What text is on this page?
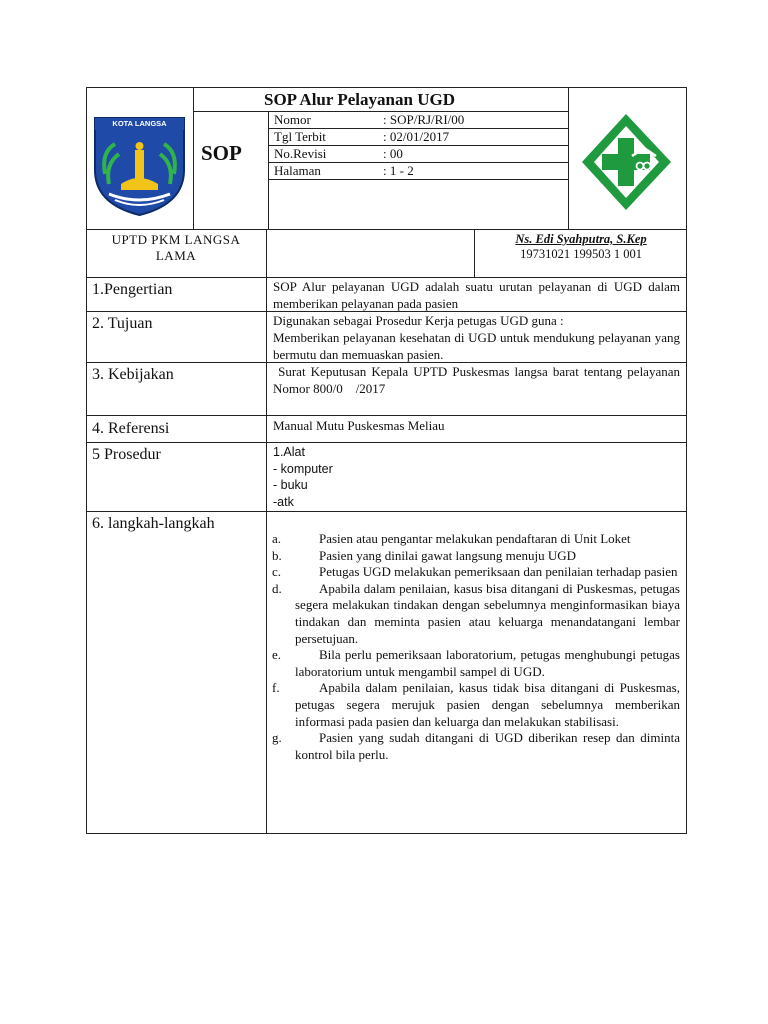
KOTA LANGSA
SOP Alur Pelayanan UGD
SOP
Nomor	: SOP/RJ/RI/00
Tgl Terbit	: 02/01/2017
No.Revisi	: 00
Halaman	: 1 - 2
UPTD PKM LANGSA
LAMA
Ns. Edi Syahputra, S.Kep
19731021 199503 1 001
1.Pengertian	SOP Alur pelayanan UGD adalah suatu urutan pelayanan di UGD dalam memberikan pelayanan pada pasien
2. Tujuan	Digunakan sebagai Prosedur Kerja petugas UGD guna :
Memberikan pelayanan kesehatan di UGD untuk mendukung pelayanan yang bermutu dan memuaskan pasien.
3. Kebijakan	Surat Keputusan Kepala UPTD Puskesmas langsa barat tentang pelayanan Nomor 800/0    /2017
4. Referensi	Manual Mutu Puskesmas Meliau
5 Prosedur	1.Alat
- komputer
- buku
-atk
6. langkah-langkah
a.	Pasien atau pengantar melakukan pendaftaran di Unit Loket
b.	Pasien yang dinilai gawat langsung menuju UGD
c.	Petugas UGD melakukan pemeriksaan dan penilaian terhadap pasien
d.	Apabila dalam penilaian, kasus bisa ditangani di Puskesmas, petugas segera melakukan tindakan dengan sebelumnya menginformasikan biaya tindakan dan meminta pasien atau keluarga menandatangani lembar persetujuan.
e.	Bila perlu pemeriksaan laboratorium, petugas menghubungi petugas laboratorium untuk mengambil sampel di UGD.
f.	Apabila dalam penilaian, kasus tidak bisa ditangani di Puskesmas, petugas segera merujuk pasien dengan sebelumnya memberikan informasi pada pasien dan keluarga dan melakukan stabilisasi.
g.	Pasien yang sudah ditangani di UGD diberikan resep dan diminta kontrol bila perlu.
